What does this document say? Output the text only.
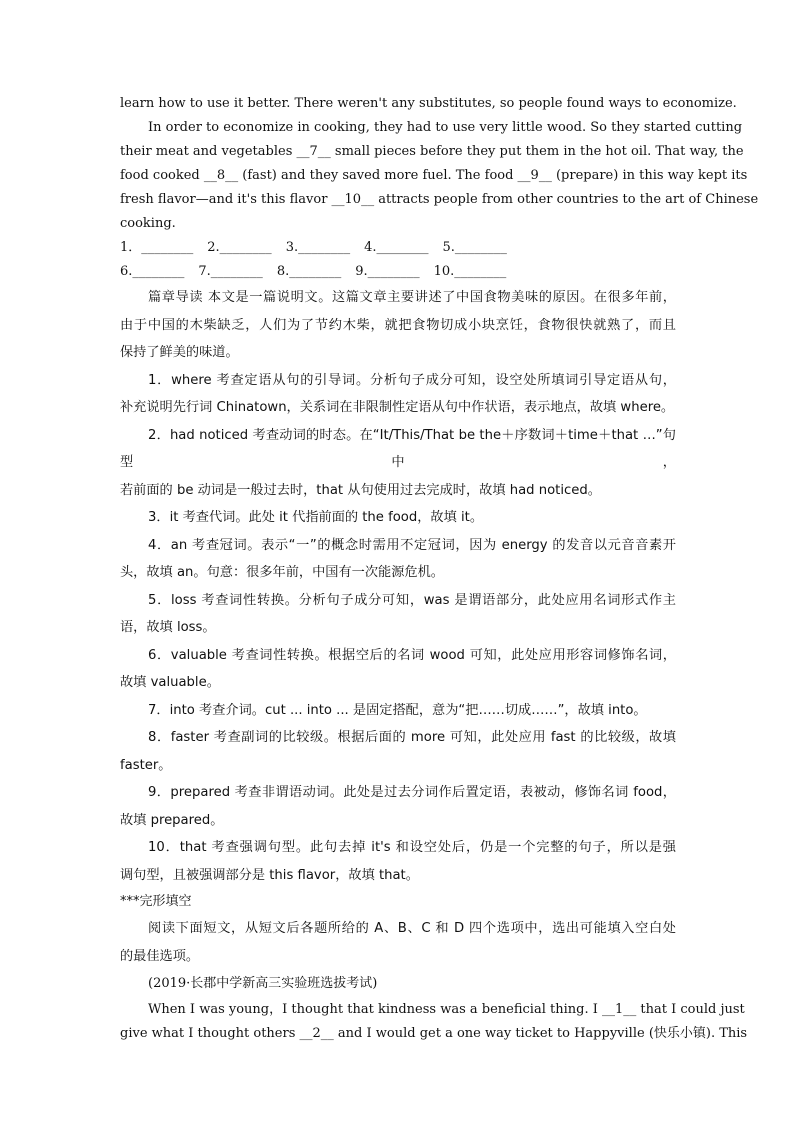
learn how to use it better. There weren't any substitutes, so people found ways to economize.
In order to economize in cooking, they had to use very little wood. So they started cutting
their meat and vegetables __7__ small pieces before they put them in the hot oil. That way, the
food cooked __8__ (fast) and they saved more fuel. The food __9__ (prepare) in this way kept its
fresh flavor—and it's this flavor __10__ attracts people from other countries to the art of Chinese
cooking.
1．________ 2.________ 3.________ 4.________ 5.________
6.________ 7.________ 8.________ 9.________ 10.________
篇章导读 本文是一篇说明文。这篇文章主要讲述了中国食物美味的原因。在很多年前，
由于中国的木柴缺乏，人们为了节约木柴，就把食物切成小块烹饪，食物很快就熟了，而且
保持了鲜美的味道。
1．where 考查定语从句的引导词。分析句子成分可知，设空处所填词引导定语从句，
补充说明先行词 Chinatown，关系词在非限制性定语从句中作状语，表示地点，故填 where。
2．had noticed 考查动词的时态。在“It/This/That be the＋序数词＋time＋that …”句型中，
若前面的 be 动词是一般过去时，that 从句使用过去完成时，故填 had noticed。
3．it 考查代词。此处 it 代指前面的 the food，故填 it。
4．an 考查冠词。表示“一”的概念时需用不定冠词，因为 energy 的发音以元音音素开
头，故填 an。句意：很多年前，中国有一次能源危机。
5．loss 考查词性转换。分析句子成分可知，was 是谓语部分，此处应用名词形式作主
语，故填 loss。
6．valuable 考查词性转换。根据空后的名词 wood 可知，此处应用形容词修饰名词，
故填 valuable。
7．into 考查介词。cut ... into ... 是固定搭配，意为“把……切成……”，故填 into。
8．faster 考查副词的比较级。根据后面的 more 可知，此处应用 fast 的比较级，故填
faster。
9．prepared 考查非谓语动词。此处是过去分词作后置定语，表被动，修饰名词 food，
故填 prepared。
10．that 考查强调句型。此句去掉 it's 和设空处后，仍是一个完整的句子，所以是强
调句型，且被强调部分是 this flavor，故填 that。
***完形填空
阅读下面短文，从短文后各题所给的 A、B、C 和 D 四个选项中，选出可能填入空白处
的最佳选项。
(2019·长郡中学新高三实验班选拔考试)
When I was young，I thought that kindness was a beneficial thing. I __1__ that I could just
give what I thought others __2__ and I would get a one way ticket to Happyville (快乐小镇). This
